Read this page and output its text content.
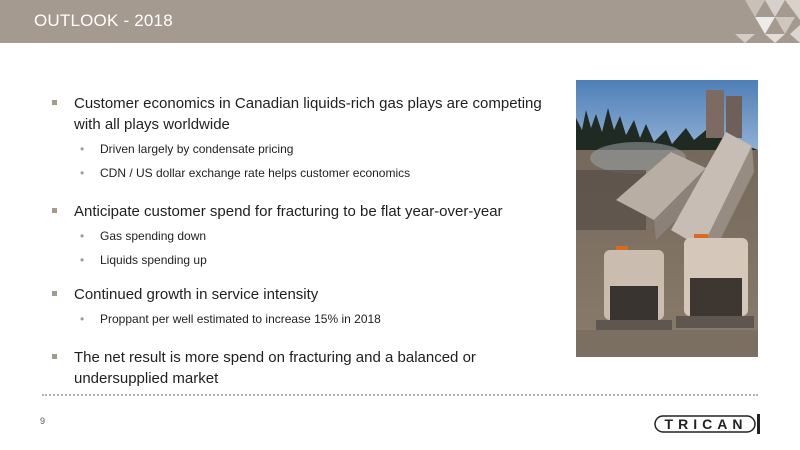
OUTLOOK - 2018
Customer economics in Canadian liquids-rich gas plays are competing with all plays worldwide
• Driven largely by condensate pricing
• CDN / US dollar exchange rate helps customer economics
Anticipate customer spend for fracturing to be flat year-over-year
• Gas spending down
• Liquids spending up
Continued growth in service intensity
• Proppant per well estimated to increase 15% in 2018
The net result is more spend on fracturing and a balanced or undersupplied market
9	TRICAN
